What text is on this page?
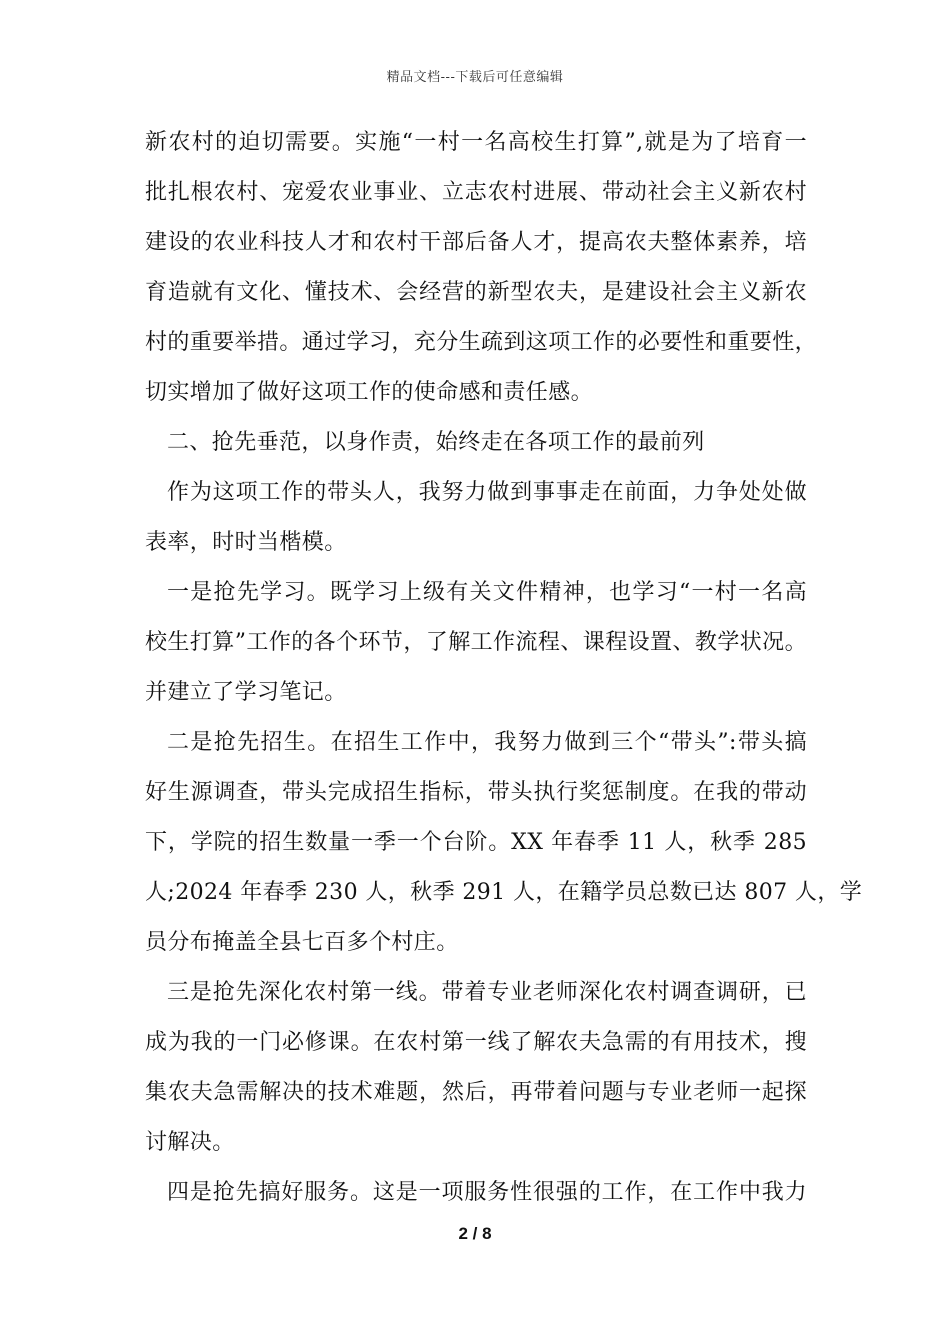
精品文档---下载后可任意编辑
新农村的迫切需要。实施“一村一名高校生打算”,就是为了培育一
批扎根农村、宠爱农业事业、立志农村进展、带动社会主义新农村
建设的农业科技人才和农村干部后备人才，提高农夫整体素养，培
育造就有文化、懂技术、会经营的新型农夫，是建设社会主义新农
村的重要举措。通过学习，充分生疏到这项工作的必要性和重要性，
切实增加了做好这项工作的使命感和责任感。
二、抢先垂范，以身作责，始终走在各项工作的最前列
作为这项工作的带头人，我努力做到事事走在前面，力争处处做
表率，时时当楷模。
一是抢先学习。既学习上级有关文件精神，也学习“一村一名高
校生打算”工作的各个环节，了解工作流程、课程设置、教学状况。
并建立了学习笔记。
二是抢先招生。在招生工作中，我努力做到三个“带头”:带头搞
好生源调查，带头完成招生指标，带头执行奖惩制度。在我的带动
下，学院的招生数量一季一个台阶。XX 年春季 11 人，秋季 285
人;2024 年春季 230 人，秋季 291 人，在籍学员总数已达 807 人，学
员分布掩盖全县七百多个村庄。
三是抢先深化农村第一线。带着专业老师深化农村调查调研，已
成为我的一门必修课。在农村第一线了解农夫急需的有用技术，搜
集农夫急需解决的技术难题，然后，再带着问题与专业老师一起探
讨解决。
四是抢先搞好服务。这是一项服务性很强的工作，在工作中我力
2 / 8
